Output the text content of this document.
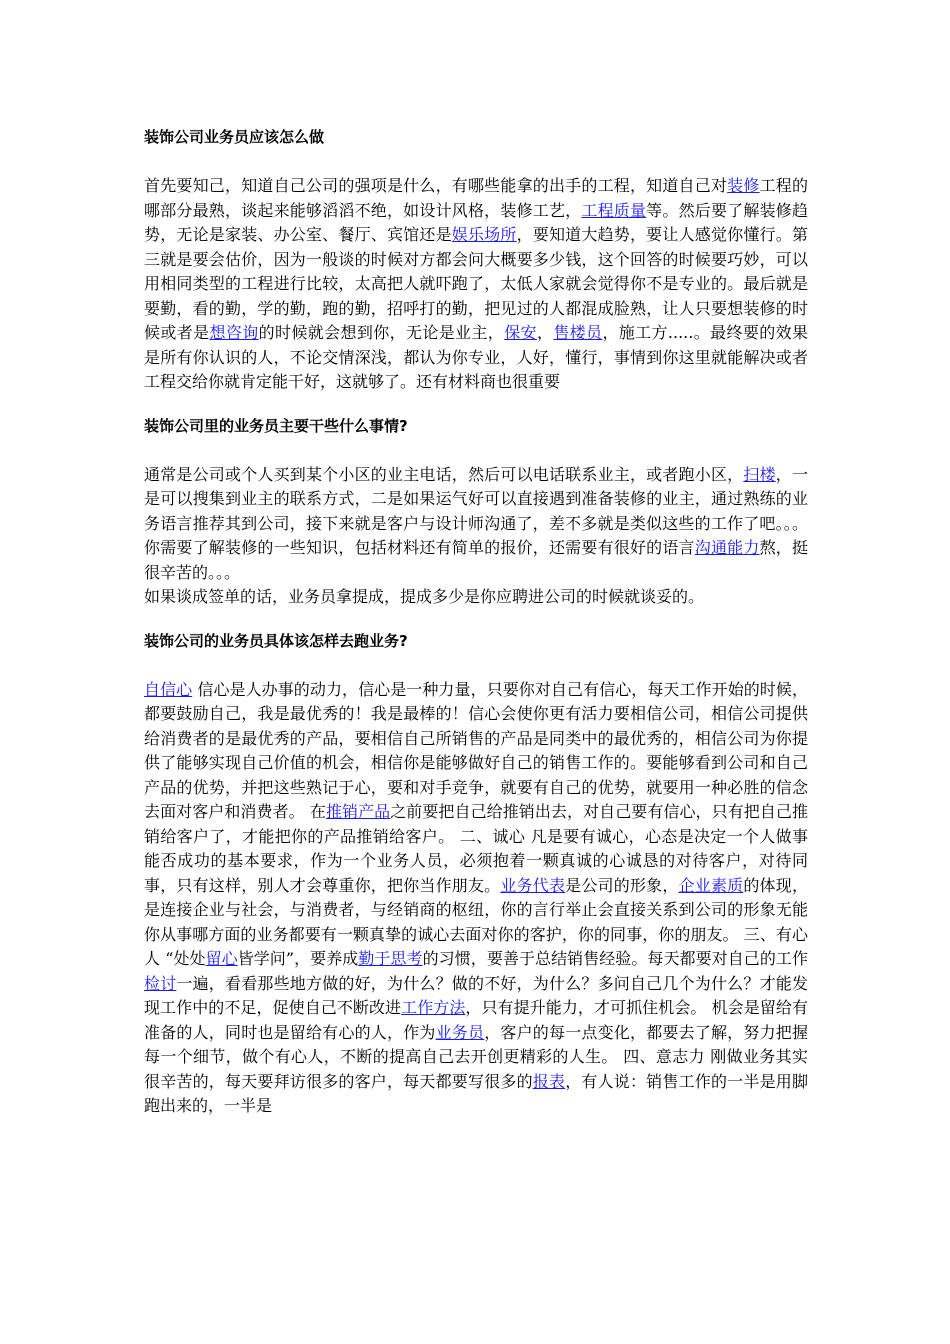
装饰公司业务员应该怎么做

首先要知己，知道自己公司的强项是什么，有哪些能拿的出手的工程，知道自己对装修工程的哪部分最熟，谈起来能够滔滔不绝，如设计风格，装修工艺，工程质量等。然后要了解装修趋势，无论是家装、办公室、餐厅、宾馆还是娱乐场所，要知道大趋势，要让人感觉你懂行。第三就是要会估价，因为一般谈的时候对方都会问大概要多少钱，这个回答的时候要巧妙，可以用相同类型的工程进行比较，太高把人就吓跑了，太低人家就会觉得你不是专业的。最后就是要勤，看的勤，学的勤，跑的勤，招呼打的勤，把见过的人都混成脸熟，让人只要想装修的时候或者是想咨询的时候就会想到你，无论是业主，保安，售楼员，施工方.....。最终要的效果是所有你认识的人，不论交情深浅，都认为你专业，人好，懂行，事情到你这里就能解决或者工程交给你就肯定能干好，这就够了。还有材料商也很重要

装饰公司里的业务员主要干些什么事情?

通常是公司或个人买到某个小区的业主电话，然后可以电话联系业主，或者跑小区，扫楼，一是可以搜集到业主的联系方式，二是如果运气好可以直接遇到准备装修的业主，通过熟练的业务语言推荐其到公司，接下来就是客户与设计师沟通了，差不多就是类似这些的工作了吧。。。你需要了解装修的一些知识，包括材料还有简单的报价，还需要有很好的语言沟通能力熬，挺很辛苦的。。。

如果谈成签单的话，业务员拿提成，提成多少是你应聘进公司的时候就谈妥的。

装饰公司的业务员具体该怎样去跑业务?

自信心 信心是人办事的动力，信心是一种力量，只要你对自己有信心，每天工作开始的时候，都要鼓励自己，我是最优秀的！我是最棒的！信心会使你更有活力要相信公司，相信公司提供给消费者的是最优秀的产品，要相信自己所销售的产品是同类中的最优秀的，相信公司为你提供了能够实现自己价值的机会，相信你是能够做好自己的销售工作的。要能够看到公司和自己产品的优势，并把这些熟记于心，要和对手竞争，就要有自己的优势，就要用一种必胜的信念去面对客户和消费者。 在推销产品之前要把自己给推销出去，对自己要有信心，只有把自己推销给客户了，才能把你的产品推销给客户。 二、诚心 凡是要有诚心，心态是决定一个人做事能否成功的基本要求，作为一个业务人员，必须抱着一颗真诚的心诚恳的对待客户，对待同事，只有这样，别人才会尊重你，把你当作朋友。业务代表是公司的形象，企业素质的体现，是连接企业与社会，与消费者，与经销商的枢纽，你的言行举止会直接关系到公司的形象无能你从事哪方面的业务都要有一颗真挚的诚心去面对你的客护，你的同事，你的朋友。 三、有心人 “处处留心皆学问”，要养成勤于思考的习惯，要善于总结销售经验。每天都要对自己的工作检讨一遍，看看那些地方做的好，为什么？做的不好，为什么？多问自己几个为什么？才能发现工作中的不足，促使自己不断改进工作方法，只有提升能力，才可抓住机会。 机会是留给有准备的人，同时也是留给有心的人，作为业务员，客户的每一点变化，都要去了解，努力把握每一个细节，做个有心人，不断的提高自己去开创更精彩的人生。 四、意志力 刚做业务其实很辛苦的，每天要拜访很多的客户，每天都要写很多的报表，有人说：销售工作的一半是用脚跑出来的，一半是
